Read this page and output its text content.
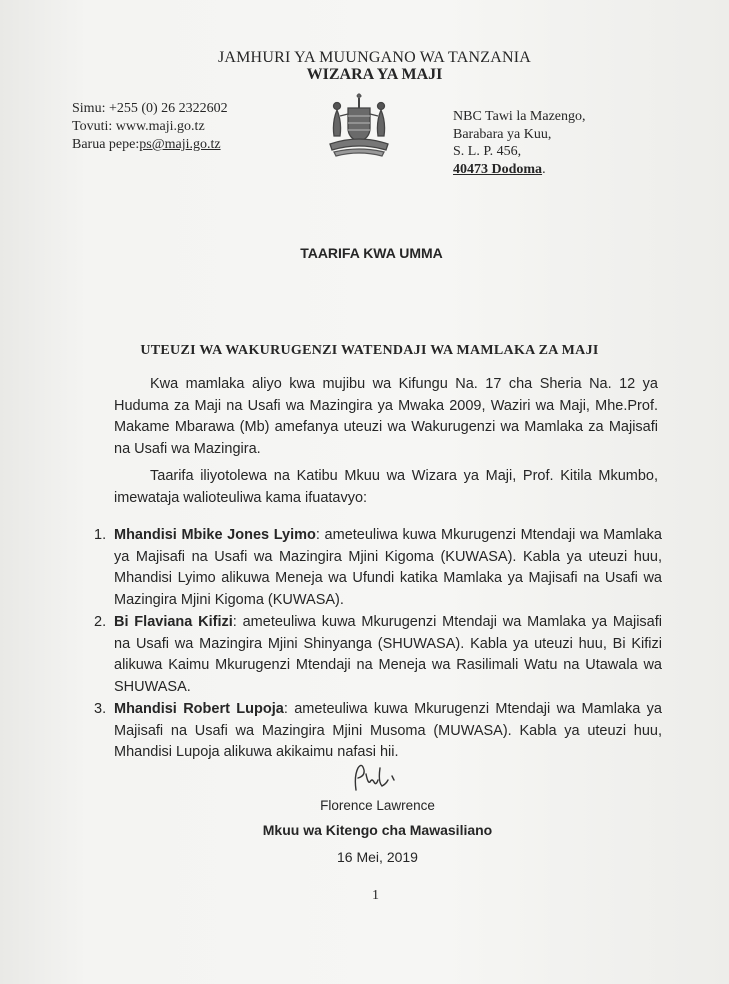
JAMHURI YA MUUNGANO WA TANZANIA
WIZARA YA MAJI
Simu: +255 (0) 26 2322602
Tovuti: www.maji.go.tz
Barua pepe:ps@maji.go.tz
NBC Tawi la Mazengo,
Barabara ya Kuu,
S. L. P. 456,
40473 Dodoma.
TAARIFA KWA UMMA
UTEUZI WA WAKURUGENZI WATENDAJI WA MAMLAKA ZA MAJI
Kwa mamlaka aliyo kwa mujibu wa Kifungu Na. 17 cha Sheria Na. 12 ya Huduma za Maji na Usafi wa Mazingira ya Mwaka 2009, Waziri wa Maji, Mhe.Prof. Makame Mbarawa (Mb) amefanya uteuzi wa Wakurugenzi wa Mamlaka za Majisafi na Usafi wa Mazingira.
Taarifa iliyotolewa na Katibu Mkuu wa Wizara ya Maji, Prof. Kitila Mkumbo, imewataja walioteuliwa kama ifuatavyo:
1. Mhandisi Mbike Jones Lyimo: ameteuliwa kuwa Mkurugenzi Mtendaji wa Mamlaka ya Majisafi na Usafi wa Mazingira Mjini Kigoma (KUWASA). Kabla ya uteuzi huu, Mhandisi Lyimo alikuwa Meneja wa Ufundi katika Mamlaka ya Majisafi na Usafi wa Mazingira Mjini Kigoma (KUWASA).
2. Bi Flaviana Kifizi: ameteuliwa kuwa Mkurugenzi Mtendaji wa Mamlaka ya Majisafi na Usafi wa Mazingira Mjini Shinyanga (SHUWASA). Kabla ya uteuzi huu, Bi Kifizi alikuwa Kaimu Mkurugenzi Mtendaji na Meneja wa Rasilimali Watu na Utawala wa SHUWASA.
3. Mhandisi Robert Lupoja: ameteuliwa kuwa Mkurugenzi Mtendaji wa Mamlaka ya Majisafi na Usafi wa Mazingira Mjini Musoma (MUWASA). Kabla ya uteuzi huu, Mhandisi Lupoja alikuwa akikaimu nafasi hii.
Florence Lawrence
Mkuu wa Kitengo cha Mawasiliano
16 Mei, 2019
1
